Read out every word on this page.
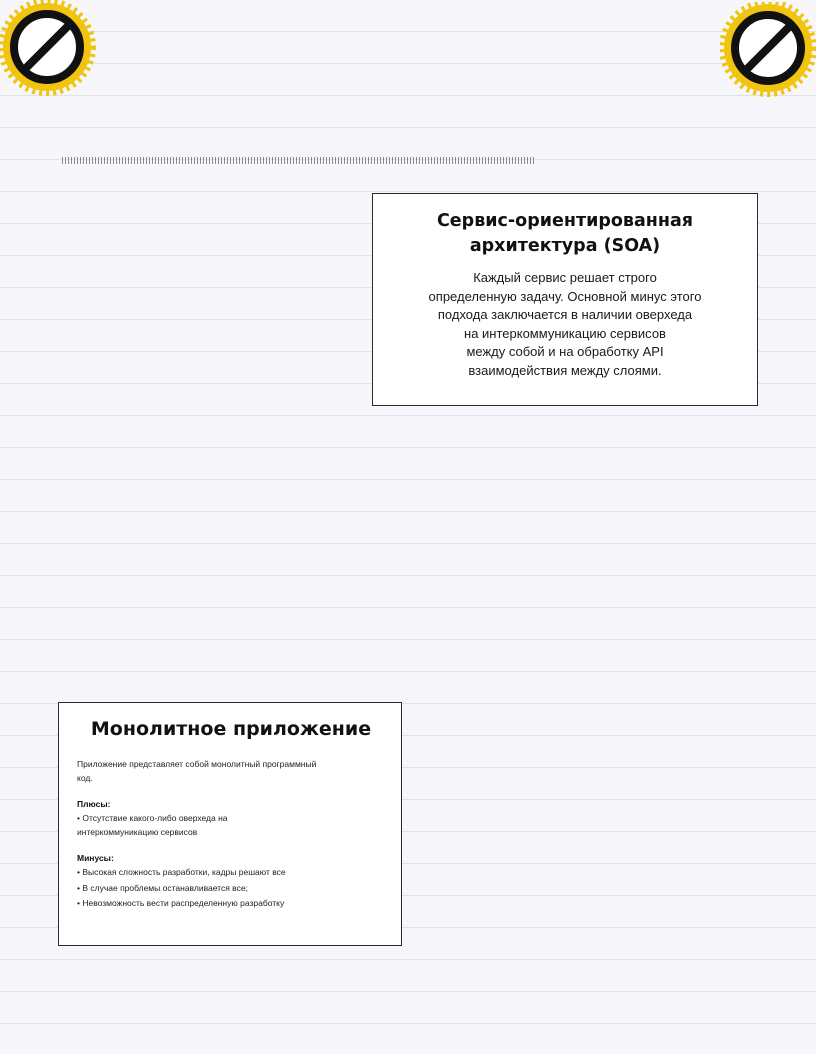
Сервис-ориентированная
архитектура (SOA)
Каждый сервис решает строго
определенную задачу. Основной минус этого
подхода заключается в наличии оверхеда
на интеркоммуникацию сервисов
между собой и на обработку API
взаимодействия между слоями.
Монолитное приложение

Приложение представляет собой монолитный программный код.

Плюсы:

• Отсутствие какого-либо оверхеда на интеркоммуникацию сервисов

Минусы:

• Высокая сложность разработки, кадры решают все

• В случае проблемы останавливается все;

• Невозможность вести распределенную разработку
